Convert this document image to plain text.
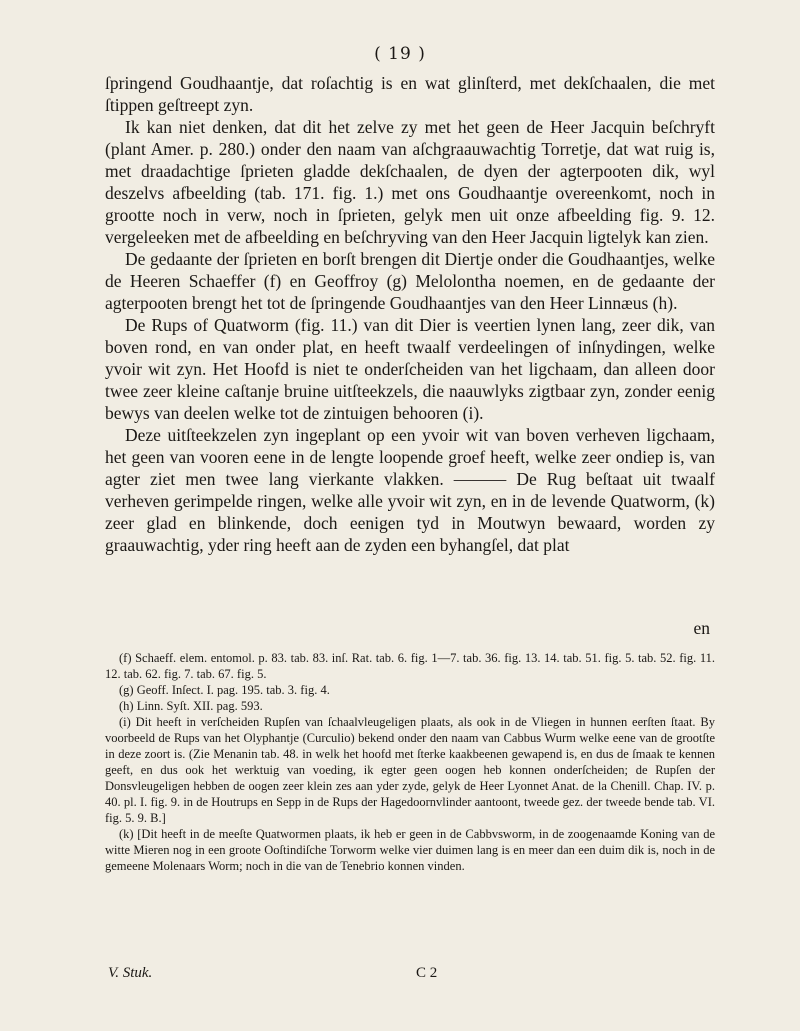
( 19 )

ſpringend Goudhaantje, dat roſachtig is en wat glinſterd, met dekſchaalen, die met ſtippen geſtreept zyn.

Ik kan niet denken, dat dit het zelve zy met het geen de Heer Jacquin beſchryft (plant Amer. p. 280.) onder den naam van aſchgraauwachtig Torretje, dat wat ruig is, met draadachtige ſprieten gladde dekſchaalen, de dyen der agterpooten dik, wyl deszelvs afbeelding (tab. 171. fig. 1.) met ons Goudhaantje overeenkomt, noch in grootte noch in verw, noch in ſprieten, gelyk men uit onze afbeelding fig. 9. 12. vergeleeken met de afbeelding en beſchryving van den Heer Jacquin ligtelyk kan zien.

De gedaante der ſprieten en borſt brengen dit Diertje onder die Goudhaantjes, welke de Heeren Schaeffer (f) en Geoffroy (g) Melolontha noemen, en de gedaante der agterpooten brengt het tot de ſpringende Goudhaantjes van den Heer Linnæus (h).

De Rups of Quatworm (fig. 11.) van dit Dier is veertien lynen lang, zeer dik, van boven rond, en van onder plat, en heeft twaalf verdeelingen of inſnydingen, welke yvoir wit zyn. Het Hoofd is niet te onderſcheiden van het ligchaam, dan alleen door twee zeer kleine caſtanje bruine uitſteekzels, die naauwlyks zigtbaar zyn, zonder eenig bewys van deelen welke tot de zintuigen behooren (i).

Deze uitſteekzelen zyn ingeplant op een yvoir wit van boven verheven ligchaam, het geen van vooren eene in de lengte loopende groef heeft, welke zeer ondiep is, van agter ziet men twee lang vierkante vlakken. ——— De Rug beſtaat uit twaalf verheven gerimpelde ringen, welke alle yvoir wit zyn, en in de levende Quatworm, (k) zeer glad en blinkende, doch eenigen tyd in Moutwyn bewaard, worden zy graauwachtig, yder ring heeft aan de zyden een byhangſel, dat plat

en

(f) Schaeff. elem. entomol. p. 83. tab. 83. inſ. Rat. tab. 6. fig. 1—7. tab. 36. fig. 13. 14. tab. 51. fig. 5. tab. 52. fig. 11. 12. tab. 62. fig. 7. tab. 67. fig. 5.

(g) Geoff. Inſect. I. pag. 195. tab. 3. fig. 4.

(h) Linn. Syſt. XII. pag. 593.

(i) Dit heeft in verſcheiden Rupſen van ſchaalvleugeligen plaats, als ook in de Vliegen in hunnen eerſten ſtaat. By voorbeeld de Rups van het Olyphantje (Curculio) bekend onder den naam van Cabbus Wurm welke eene van de grootſte in deze zoort is. (Zie Menanin tab. 48. in welk het hoofd met ſterke kaakbeenen gewapend is, en dus de ſmaak te kennen geeft, en dus ook het werktuig van voeding, ik egter geen oogen heb konnen onderſcheiden; de Rupſen der Donsvleugeligen hebben de oogen zeer klein zes aan yder zyde, gelyk de Heer Lyonnet Anat. de la Chenill. Chap. IV. p. 40. pl. I. fig. 9. in de Houtrups en Sepp in de Rups der Hagedoornvlinder aantoont, tweede gez. der tweede bende tab. VI. fig. 5. 9. B.]

(k) [Dit heeft in de meeſte Quatwormen plaats, ik heb er geen in de Cabbvsworm, in de zoogenaamde Koning van de witte Mieren nog in een groote Ooſtindiſche Torworm welke vier duimen lang is en meer dan een duim dik is, noch in de gemeene Molenaars Worm; noch in die van de Tenebrio konnen vinden.

V. Stuk.	C 2
